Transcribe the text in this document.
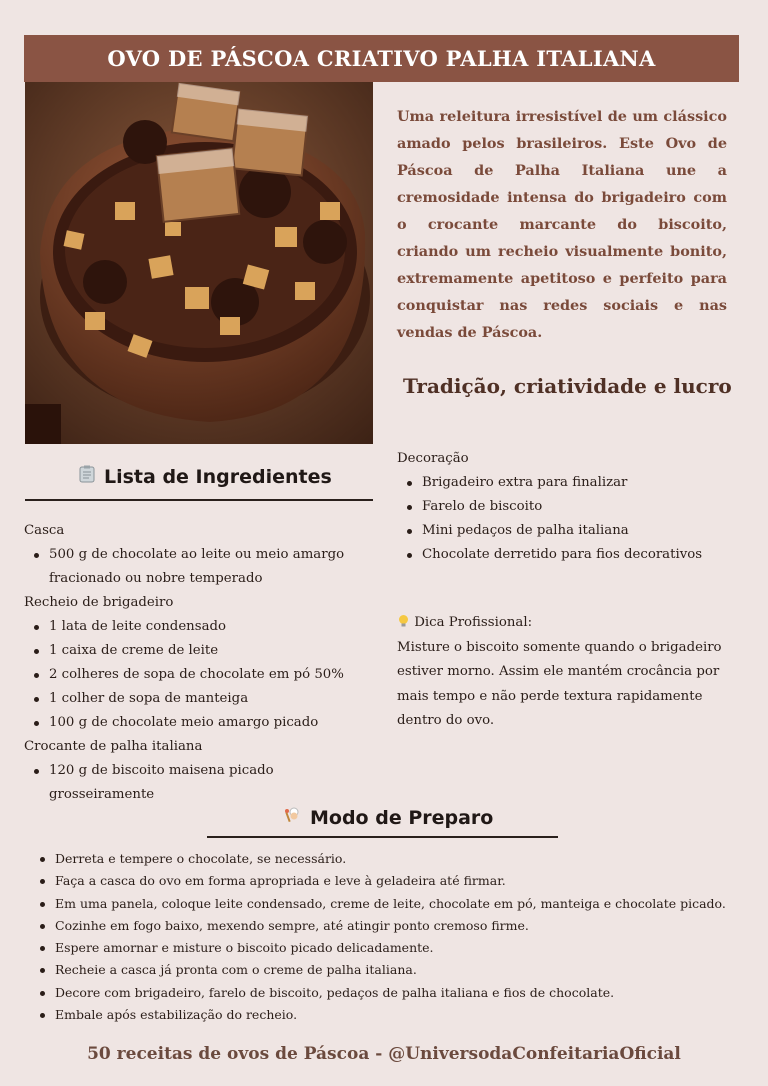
OVO DE PÁSCOA CRIATIVO PALHA ITALIANA
Uma releitura irresistível de um clássico amado pelos brasileiros. Este Ovo de Páscoa de Palha Italiana une a cremosidade intensa do brigadeiro com o crocante marcante do biscoito, criando um recheio visualmente bonito, extremamente apetitoso e perfeito para conquistar nas redes sociais e nas vendas de Páscoa.
Tradição, criatividade e lucro
Lista de Ingredientes
Casca
500 g de chocolate ao leite ou meio amargo fracionado ou nobre temperado
Recheio de brigadeiro
1 lata de leite condensado
1 caixa de creme de leite
2 colheres de sopa de chocolate em pó 50%
1 colher de sopa de manteiga
100 g de chocolate meio amargo picado
Crocante de palha italiana
120 g de biscoito maisena picado grosseiramente
Decoração
Brigadeiro extra para finalizar
Farelo de biscoito
Mini pedaços de palha italiana
Chocolate derretido para fios decorativos
Dica Profissional:
Misture o biscoito somente quando o brigadeiro estiver morno. Assim ele mantém crocância por mais tempo e não perde textura rapidamente dentro do ovo.
Modo de Preparo
Derreta e tempere o chocolate, se necessário.
Faça a casca do ovo em forma apropriada e leve à geladeira até firmar.
Em uma panela, coloque leite condensado, creme de leite, chocolate em pó, manteiga e chocolate picado.
Cozinhe em fogo baixo, mexendo sempre, até atingir ponto cremoso firme.
Espere amornar e misture o biscoito picado delicadamente.
Recheie a casca já pronta com o creme de palha italiana.
Decore com brigadeiro, farelo de biscoito, pedaços de palha italiana e fios de chocolate.
Embale após estabilização do recheio.
50 receitas de ovos de Páscoa - @UniversodaConfeitariaOficial
